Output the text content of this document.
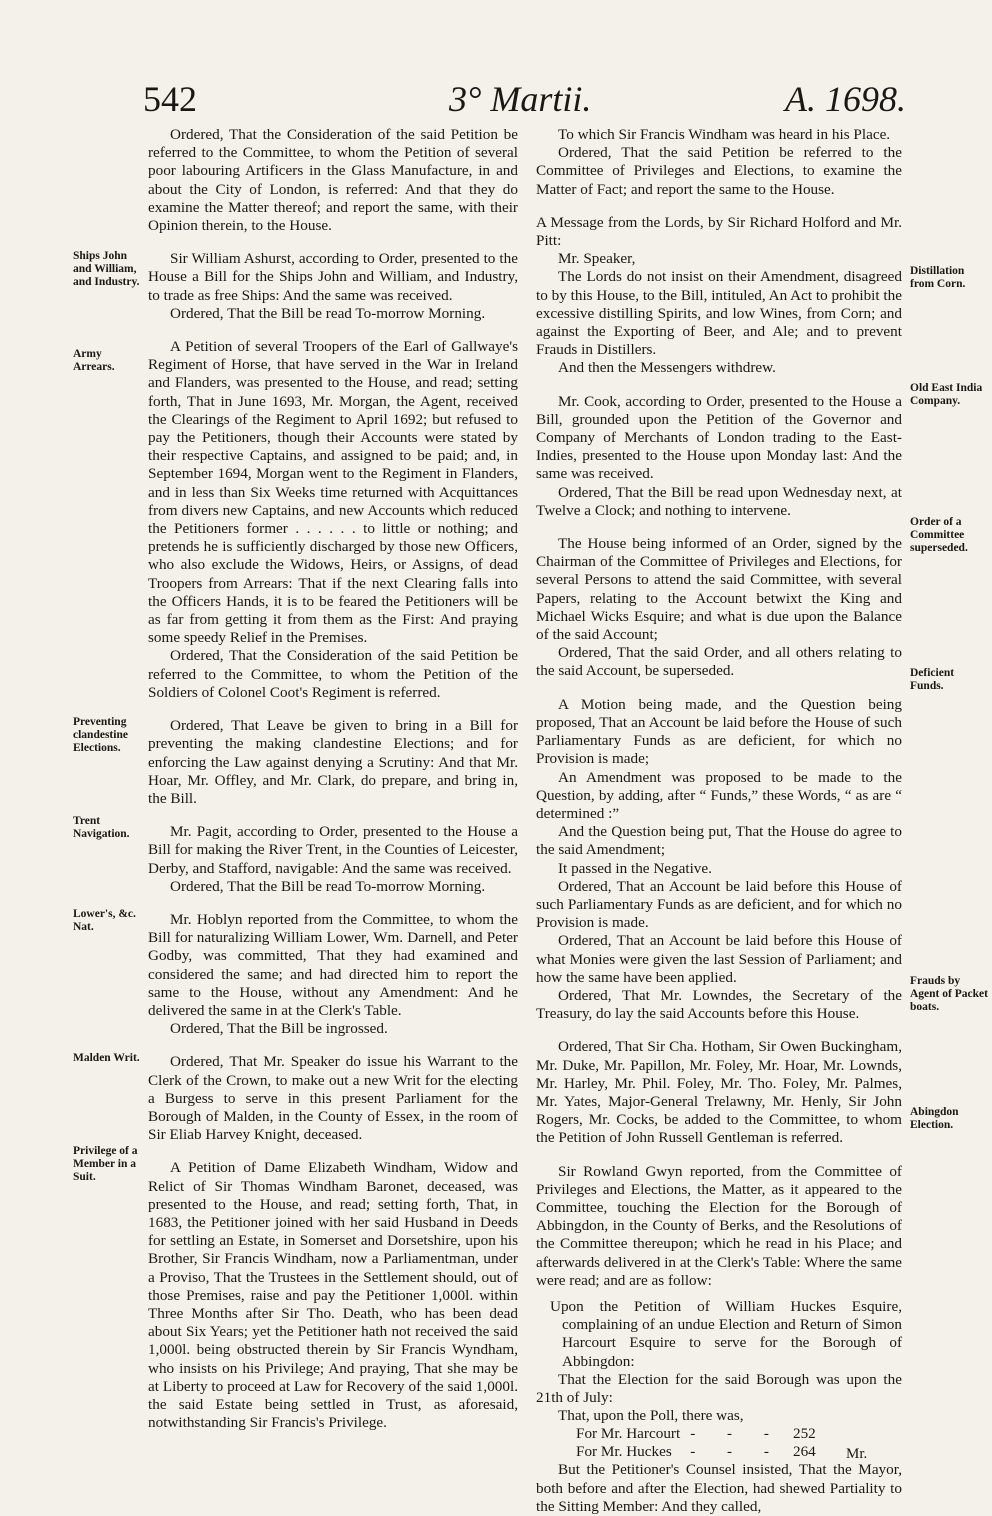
542	3° Martii.	A. 1698.
Ships John and William, and Industry.
Army Arrears.
Preventing clandestine Elections.
Trent Navigation.
Lower's, &c. Nat.
Malden Writ.
Privilege of a Member in a Suit.
Distillation from Corn.
Old East India Company.
Order of a Committee superseded.
Deficient Funds.
Frauds by Agent of Packet boats.
Abingdon Election.

Ordered, That the Consideration of the said Petition be referred to the Committee, to whom the Petition of several poor labouring Artificers in the Glass Manufacture, in and about the City of London, is referred: And that they do examine the Matter thereof; and report the same, with their Opinion therein, to the House.

Sir William Ashurst, according to Order, presented to the House a Bill for the Ships John and William, and Industry, to trade as free Ships: And the same was received.

Ordered, That the Bill be read To-morrow Morning.

A Petition of several Troopers of the Earl of Gallwaye's Regiment of Horse, that have served in the War in Ireland and Flanders, was presented to the House, and read; setting forth, That in June 1693, Mr. Morgan, the Agent, received the Clearings of the Regiment to April 1692; but refused to pay the Petitioners, though their Accounts were stated by their respective Captains, and assigned to be paid; and, in September 1694, Morgan went to the Regiment in Flanders, and in less than Six Weeks time returned with Acquittances from divers new Captains, and new Accounts which reduced the Petitioners former . . . . . . to little or nothing; and pretends he is sufficiently discharged by those new Officers, who also exclude the Widows, Heirs, or Assigns, of dead Troopers from Arrears: That if the next Clearing falls into the Officers Hands, it is to be feared the Petitioners will be as far from getting it from them as the First: And praying some speedy Relief in the Premises.

Ordered, That the Consideration of the said Petition be referred to the Committee, to whom the Petition of the Soldiers of Colonel Coot's Regiment is referred.

Ordered, That Leave be given to bring in a Bill for preventing the making clandestine Elections; and for enforcing the Law against denying a Scrutiny: And that Mr. Hoar, Mr. Offley, and Mr. Clark, do prepare, and bring in, the Bill.

Mr. Pagit, according to Order, presented to the House a Bill for making the River Trent, in the Counties of Leicester, Derby, and Stafford, navigable: And the same was received.

Ordered, That the Bill be read To-morrow Morning.

Mr. Hoblyn reported from the Committee, to whom the Bill for naturalizing William Lower, Wm. Darnell, and Peter Godby, was committed, That they had examined and considered the same; and had directed him to report the same to the House, without any Amendment: And he delivered the same in at the Clerk's Table.

Ordered, That the Bill be ingrossed.

Ordered, That Mr. Speaker do issue his Warrant to the Clerk of the Crown, to make out a new Writ for the electing a Burgess to serve in this present Parliament for the Borough of Malden, in the County of Essex, in the room of Sir Eliab Harvey Knight, deceased.

A Petition of Dame Elizabeth Windham, Widow and Relict of Sir Thomas Windham Baronet, deceased, was presented to the House, and read; setting forth, That, in 1683, the Petitioner joined with her said Husband in Deeds for settling an Estate, in Somerset and Dorsetshire, upon his Brother, Sir Francis Windham, now a Parliamentman, under a Proviso, That the Trustees in the Settlement should, out of those Premises, raise and pay the Petitioner 1,000l. within Three Months after Sir Tho. Death, who has been dead about Six Years; yet the Petitioner hath not received the said 1,000l. being obstructed therein by Sir Francis Wyndham, who insists on his Privilege; And praying, That she may be at Liberty to proceed at Law for Recovery of the said 1,000l. the said Estate being settled in Trust, as aforesaid, notwithstanding Sir Francis's Privilege.

To which Sir Francis Windham was heard in his Place.

Ordered, That the said Petition be referred to the Committee of Privileges and Elections, to examine the Matter of Fact; and report the same to the House.

A Message from the Lords, by Sir Richard Holford and Mr. Pitt:

Mr. Speaker,

The Lords do not insist on their Amendment, disagreed to by this House, to the Bill, intituled, An Act to prohibit the excessive distilling Spirits, and low Wines, from Corn; and against the Exporting of Beer, and Ale; and to prevent Frauds in Distillers.

And then the Messengers withdrew.

Mr. Cook, according to Order, presented to the House a Bill, grounded upon the Petition of the Governor and Company of Merchants of London trading to the East-Indies, presented to the House upon Monday last: And the same was received.

Ordered, That the Bill be read upon Wednesday next, at Twelve a Clock; and nothing to intervene.

The House being informed of an Order, signed by the Chairman of the Committee of Privileges and Elections, for several Persons to attend the said Committee, with several Papers, relating to the Account betwixt the King and Michael Wicks Esquire; and what is due upon the Balance of the said Account;

Ordered, That the said Order, and all others relating to the said Account, be superseded.

A Motion being made, and the Question being proposed, That an Account be laid before the House of such Parliamentary Funds as are deficient, for which no Provision is made;

An Amendment was proposed to be made to the Question, by adding, after “ Funds,” these Words, “ as are “ determined :”

And the Question being put, That the House do agree to the said Amendment;

It passed in the Negative.

Ordered, That an Account be laid before this House of such Parliamentary Funds as are deficient, and for which no Provision is made.

Ordered, That an Account be laid before this House of what Monies were given the last Session of Parliament; and how the same have been applied.

Ordered, That Mr. Lowndes, the Secretary of the Treasury, do lay the said Accounts before this House.

Ordered, That Sir Cha. Hotham, Sir Owen Buckingham, Mr. Duke, Mr. Papillon, Mr. Foley, Mr. Hoar, Mr. Lownds, Mr. Harley, Mr. Phil. Foley, Mr. Tho. Foley, Mr. Palmes, Mr. Yates, Major-General Trelawny, Mr. Henly, Sir John Rogers, Mr. Cocks, be added to the Committee, to whom the Petition of John Russell Gentleman is referred.

Sir Rowland Gwyn reported, from the Committee of Privileges and Elections, the Matter, as it appeared to the Committee, touching the Election for the Borough of Abbingdon, in the County of Berks, and the Resolutions of the Committee thereupon; which he read in his Place; and afterwards delivered in at the Clerk's Table: Where the same were read; and are as follow:

Upon the Petition of William Huckes Esquire, complaining of an undue Election and Return of Simon Harcourt Esquire to serve for the Borough of Abbingdon:

That the Election for the said Borough was upon the 21th of July:

That, upon the Poll, there was,

For Mr. Harcourt	- - -	252
For Mr. Huckes	- - -	264

But the Petitioner's Counsel insisted, That the Mayor, both before and after the Election, had shewed Partiality to the Sitting Member: And they called,

Mr.
